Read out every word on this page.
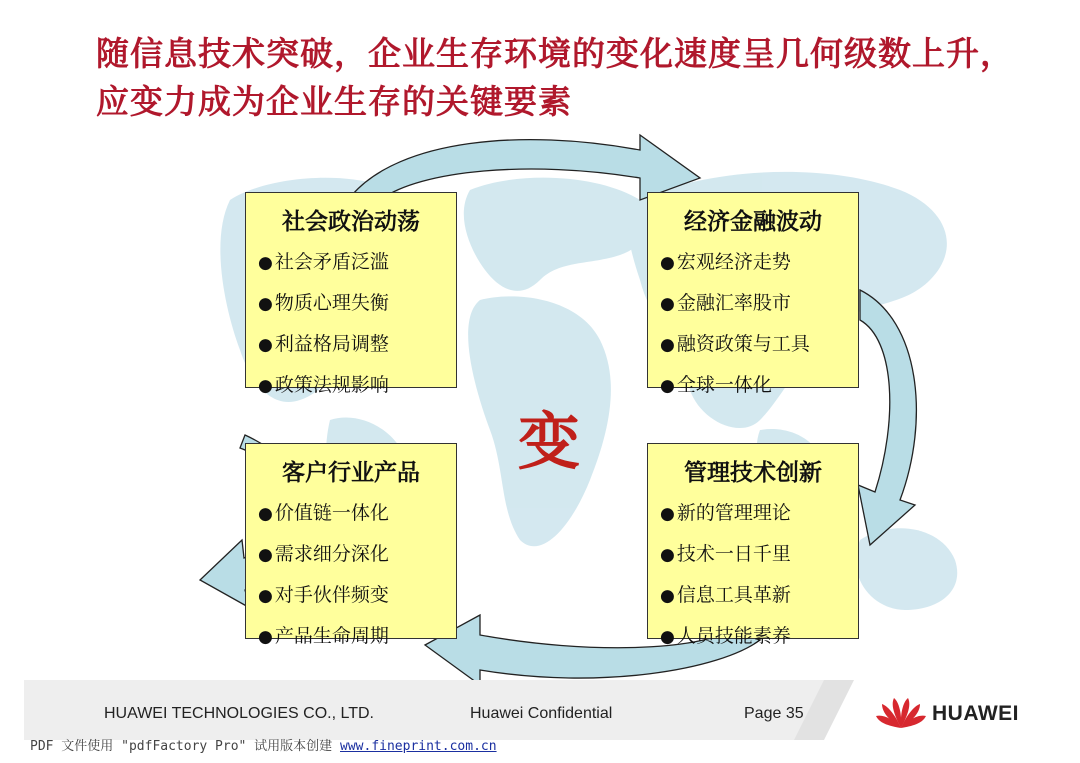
随信息技术突破，企业生存环境的变化速度呈几何级数上升，应变力成为企业生存的关键要素
社会政治动荡
● 社会矛盾泛滥
● 物质心理失衡
● 利益格局调整
● 政策法规影响
经济金融波动
● 宏观经济走势
● 金融汇率股市
● 融资政策与工具
● 全球一体化
客户行业产品
● 价值链一体化
● 需求细分深化
● 对手伙伴频变
● 产品生命周期
管理技术创新
● 新的管理理论
● 技术一日千里
● 信息工具革新
● 人员技能素养
变
HUAWEI TECHNOLOGIES CO., LTD.	Huawei Confidential	Page 35	HUAWEI
PDF 文件使用 "pdfFactory Pro" 试用版本创建 www.fineprint.com.cn
